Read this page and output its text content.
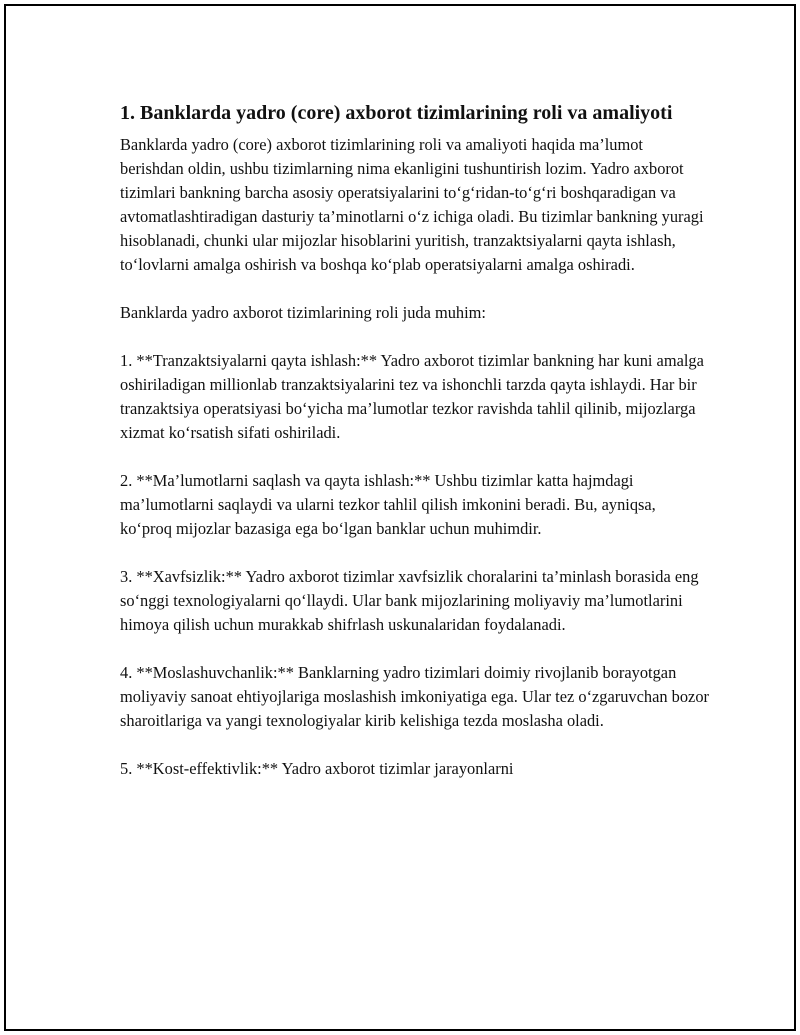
1. Banklarda yadro (core) axborot tizimlarining roli va amaliyoti

Banklarda yadro (core) axborot tizimlarining roli va amaliyoti haqida ma’lumot berishdan oldin, ushbu tizimlarning nima ekanligini tushuntirish lozim. Yadro axborot tizimlari bankning barcha asosiy operatsiyalarini to‘g‘ridan-to‘g‘ri boshqaradigan va avtomatlashtiradigan dasturiy ta’minotlarni o‘z ichiga oladi. Bu tizimlar bankning yuragi hisoblanadi, chunki ular mijozlar hisoblarini yuritish, tranzaktsiyalarni qayta ishlash, to‘lovlarni amalga oshirish va boshqa ko‘plab operatsiyalarni amalga oshiradi.

Banklarda yadro axborot tizimlarining roli juda muhim:

1. **Tranzaktsiyalarni qayta ishlash:** Yadro axborot tizimlar bankning har kuni amalga oshiriladigan millionlab tranzaktsiyalarini tez va ishonchli tarzda qayta ishlaydi. Har bir tranzaktsiya operatsiyasi bo‘yicha ma’lumotlar tezkor ravishda tahlil qilinib, mijozlarga xizmat ko‘rsatish sifati oshiriladi.

2. **Ma’lumotlarni saqlash va qayta ishlash:** Ushbu tizimlar katta hajmdagi ma’lumotlarni saqlaydi va ularni tezkor tahlil qilish imkonini beradi. Bu, ayniqsa, ko‘proq mijozlar bazasiga ega bo‘lgan banklar uchun muhimdir.

3. **Xavfsizlik:** Yadro axborot tizimlar xavfsizlik choralarini ta’minlash borasida eng so‘nggi texnologiyalarni qo‘llaydi. Ular bank mijozlarining moliyaviy ma’lumotlarini himoya qilish uchun murakkab shifrlash uskunalaridan foydalanadi.

4. **Moslashuvchanlik:** Banklarning yadro tizimlari doimiy rivojlanib borayotgan moliyaviy sanoat ehtiyojlariga moslashish imkoniyatiga ega. Ular tez o‘zgaruvchan bozor sharoitlariga va yangi texnologiyalar kirib kelishiga tezda moslasha oladi.

5. **Kost-effektivlik:** Yadro axborot tizimlar jarayonlarni
